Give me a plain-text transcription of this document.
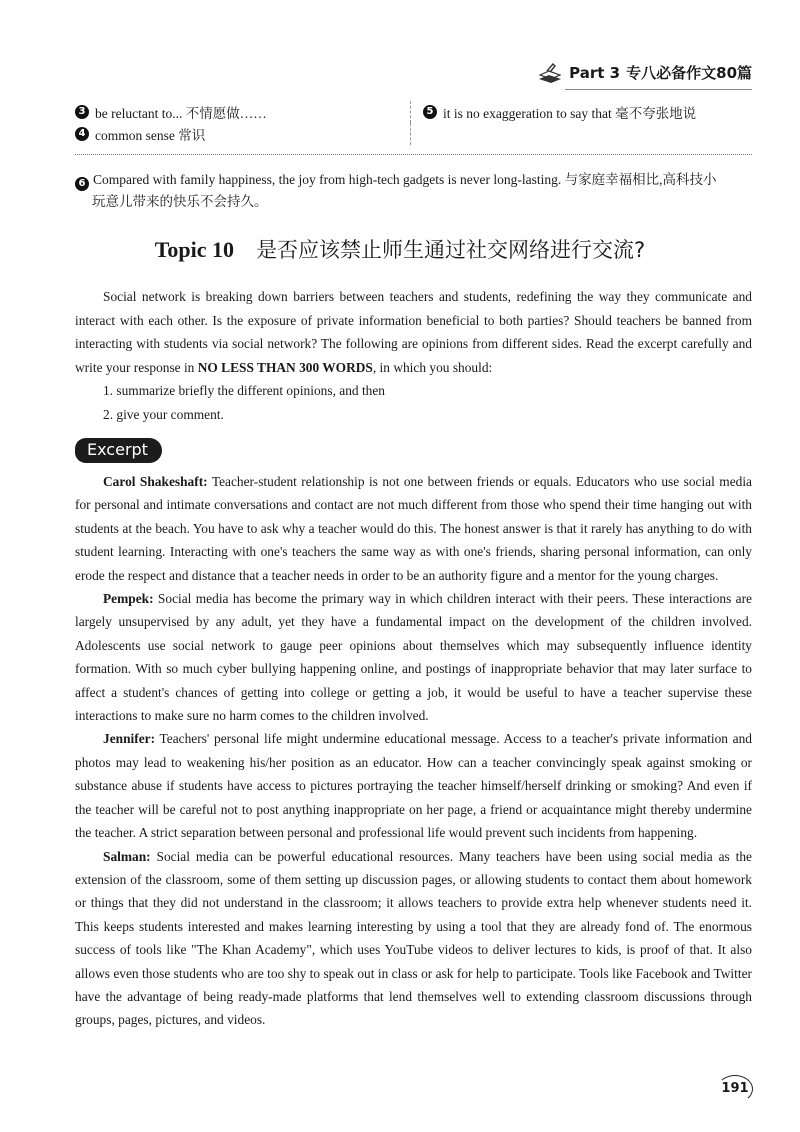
Part 3 专八必备作文80篇
3 be reluctant to... 不情愿做……	5 it is no exaggeration to say that 毫不夸张地说
4 common sense 常识
6 Compared with family happiness, the joy from high-tech gadgets is never long-lasting. 与家庭幸福相比,高科技小
玩意儿带来的快乐不会持久。
Topic 10 是否应该禁止师生通过社交网络进行交流?

Social network is breaking down barriers between teachers and students, redefining the way they communicate and interact with each other. Is the exposure of private information beneficial to both parties? Should teachers be banned from interacting with students via social network? The following are opinions from different sides. Read the excerpt carefully and write your response in NO LESS THAN 300 WORDS, in which you should:

1. summarize briefly the different opinions, and then

2. give your comment.

Excerpt

Carol Shakeshaft: Teacher-student relationship is not one between friends or equals. Educators who use social media for personal and intimate conversations and contact are not much different from those who spend their time hanging out with students at the beach. You have to ask why a teacher would do this. The honest answer is that it rarely has anything to do with student learning. Interacting with one's teachers the same way as with one's friends, sharing personal information, can only erode the respect and distance that a teacher needs in order to be an authority figure and a mentor for the young charges.

Pempek: Social media has become the primary way in which children interact with their peers. These interactions are largely unsupervised by any adult, yet they have a fundamental impact on the development of the children involved. Adolescents use social network to gauge peer opinions about themselves which may subsequently influence identity formation. With so much cyber bullying happening online, and postings of inappropriate behavior that may later surface to affect a student's chances of getting into college or getting a job, it would be useful to have a teacher supervise these interactions to make sure no harm comes to the children involved.

Jennifer: Teachers' personal life might undermine educational message. Access to a teacher's private information and photos may lead to weakening his/her position as an educator. How can a teacher convincingly speak against smoking or substance abuse if students have access to pictures portraying the teacher himself/herself drinking or smoking? And even if the teacher will be careful not to post anything inappropriate on her page, a friend or acquaintance might thereby undermine the teacher. A strict separation between personal and professional life would prevent such incidents from happening.

Salman: Social media can be powerful educational resources. Many teachers have been using social media as the extension of the classroom, some of them setting up discussion pages, or allowing students to contact them about homework or things that they did not understand in the classroom; it allows teachers to provide extra help whenever students need it. This keeps students interested and makes learning interesting by using a tool that they are already fond of. The enormous success of tools like "The Khan Academy", which uses YouTube videos to deliver lectures to kids, is proof of that. It also allows even those students who are too shy to speak out in class or ask for help to participate. Tools like Facebook and Twitter have the advantage of being ready-made platforms that lend themselves well to extending classroom discussions through groups, pages, pictures, and videos.

191
